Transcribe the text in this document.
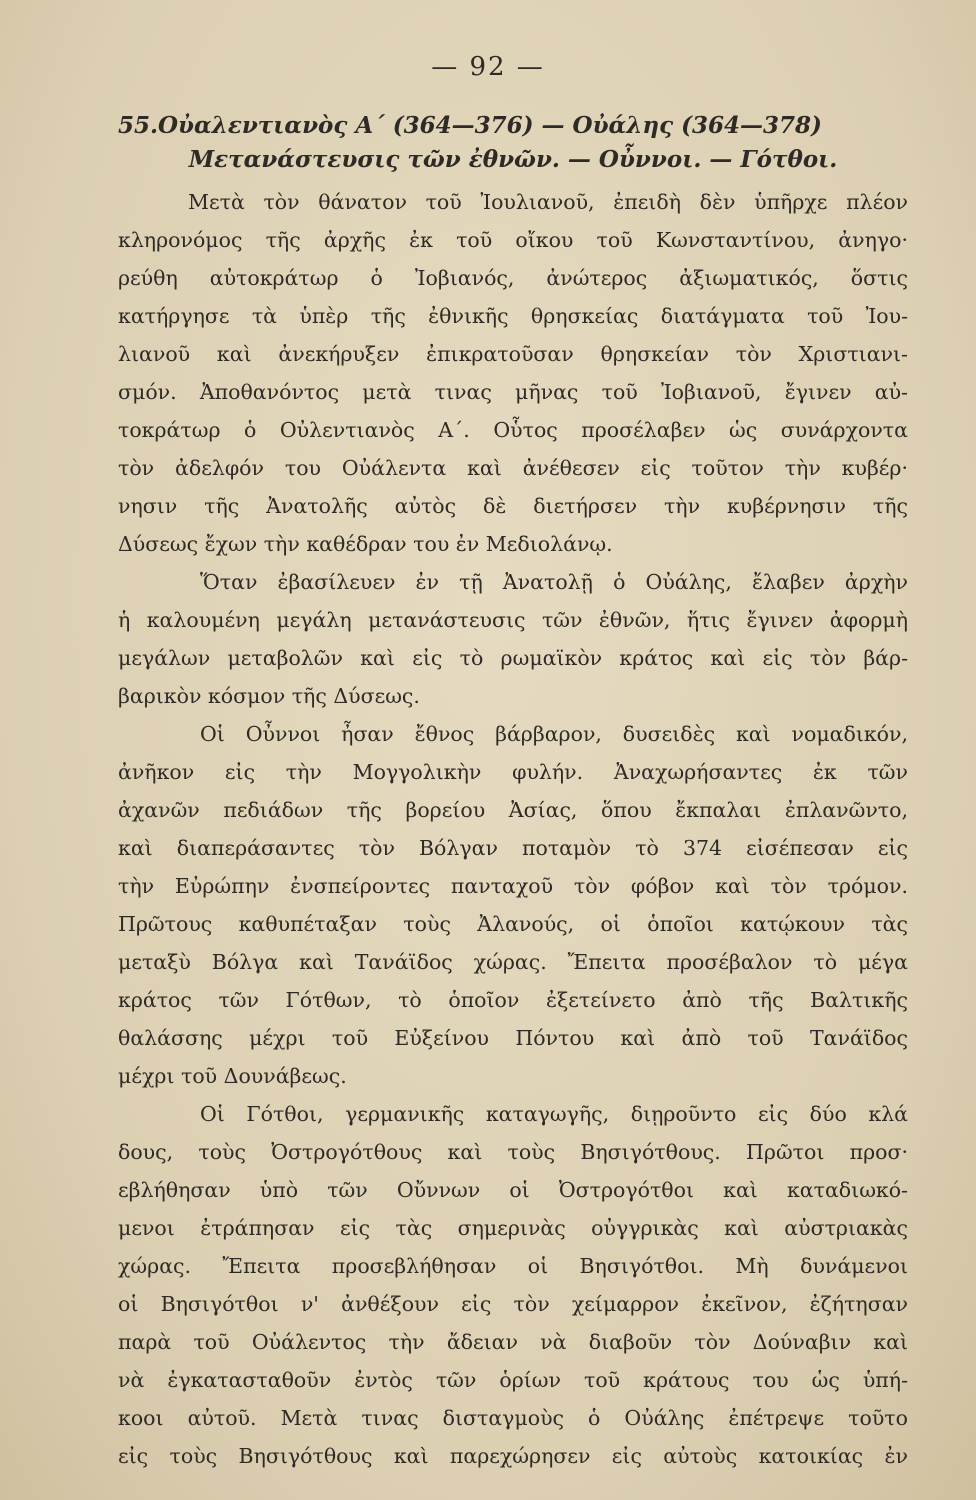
— 92 —
55.Οὐαλεντιανὸς Α΄ (364—376) — Οὐάλης (364—378)
Μετανάστευσις τῶν ἐθνῶν. — Οὖννοι. — Γότθοι.
Μετὰ τὸν θάνατον τοῦ Ἰουλιανοῦ, ἐπειδὴ δὲν ὑπῆρχε πλέον
κληρονόμος τῆς ἀρχῆς ἐκ τοῦ οἴκου τοῦ Κωνσταντίνου, ἀνηγο·
ρεύθη αὐτοκράτωρ ὁ Ἰοβιανός, ἀνώτερος ἀξιωματικός, ὅστις
κατήργησε τὰ ὑπὲρ τῆς ἐθνικῆς θρησκείας διατάγματα τοῦ Ἰου-
λιανοῦ καὶ ἀνεκήρυξεν ἐπικρατοῦσαν θρησκείαν τὸν Χριστιανι-
σμόν. Ἀποθανόντος μετὰ τινας μῆνας τοῦ Ἰοβιανοῦ, ἔγινεν αὐ-
τοκράτωρ ὁ Οὐλεντιανὸς Α΄. Οὗτος προσέλαβεν ὡς συνάρχοντα
τὸν ἀδελφόν του Οὐάλεντα καὶ ἀνέθεσεν εἰς τοῦτον τὴν κυβέρ·
νησιν τῆς Ἀνατολῆς αὐτὸς δὲ διετήρσεν τὴν κυβέρνησιν τῆς
Δύσεως ἔχων τὴν καθέδραν του ἐν Μεδιολάνῳ.
Ὅταν ἐβασίλευεν ἐν τῇ Ἀνατολῇ ὁ Οὐάλης, ἔλαβεν ἀρχὴν
ἡ καλουμένη μεγάλη μετανάστευσις τῶν ἐθνῶν, ἥτις ἔγινεν ἀφορμὴ
μεγάλων μεταβολῶν καὶ εἰς τὸ ρωμαϊκὸν κράτος καὶ εἰς τὸν βάρ-
βαρικὸν κόσμον τῆς Δύσεως.
Οἱ Οὖννοι ἦσαν ἔθνος βάρβαρον, δυσειδὲς καὶ νομαδικόν,
ἀνῆκον εἰς τὴν Μογγολικὴν φυλήν. Ἀναχωρήσαντες ἐκ τῶν
ἀχανῶν πεδιάδων τῆς βορείου Ἀσίας, ὅπου ἔκπαλαι ἐπλανῶντο,
καὶ διαπεράσαντες τὸν Βόλγαν ποταμὸν τὸ 374 εἰσέπεσαν εἰς
τὴν Εὐρώπην ἐνσπείροντες πανταχοῦ τὸν φόβον καὶ τὸν τρόμον.
Πρῶτους καθυπέταξαν τοὺς Ἀλανούς, οἱ ὁποῖοι κατῴκουν τὰς
μεταξὺ Βόλγα καὶ Τανάϊδος χώρας. Ἔπειτα προσέβαλον τὸ μέγα
κράτος τῶν Γότθων, τὸ ὁποῖον ἐξετείνετο ἀπὸ τῆς Βαλτικῆς
θαλάσσης μέχρι τοῦ Εὐξείνου Πόντου καὶ ἀπὸ τοῦ Τανάϊδος
μέχρι τοῦ Δουνάβεως.
Οἱ Γότθοι, γερμανικῆς καταγωγῆς, διῃροῦντο εἰς δύο κλά
δους, τοὺς Ὀστρογότθους καὶ τοὺς Βησιγότθους. Πρῶτοι προσ·
εβλήθησαν ὑπὸ τῶν Οὔννων οἱ Ὀστρογότθοι καὶ καταδιωκό-
μενοι ἐτράπησαν εἰς τὰς σημερινὰς οὐγγρικὰς καὶ αὐστριακὰς
χώρας. Ἔπειτα προσεβλήθησαν οἱ Βησιγότθοι. Μὴ δυνάμενοι
οἱ Βησιγότθοι ν' ἀνθέξουν εἰς τὸν χείμαρρον ἐκεῖνον, ἐζήτησαν
παρὰ τοῦ Οὐάλεντος τὴν ἄδειαν νὰ διαβοῦν τὸν Δούναβιν καὶ
νὰ ἐγκατασταθοῦν ἐντὸς τῶν ὁρίων τοῦ κράτους του ὡς ὑπή-
κοοι αὐτοῦ. Μετὰ τινας δισταγμοὺς ὁ Οὐάλης ἐπέτρεψε τοῦτο
εἰς τοὺς Βησιγότθους καὶ παρεχώρησεν εἰς αὐτοὺς κατοικίας ἐν
